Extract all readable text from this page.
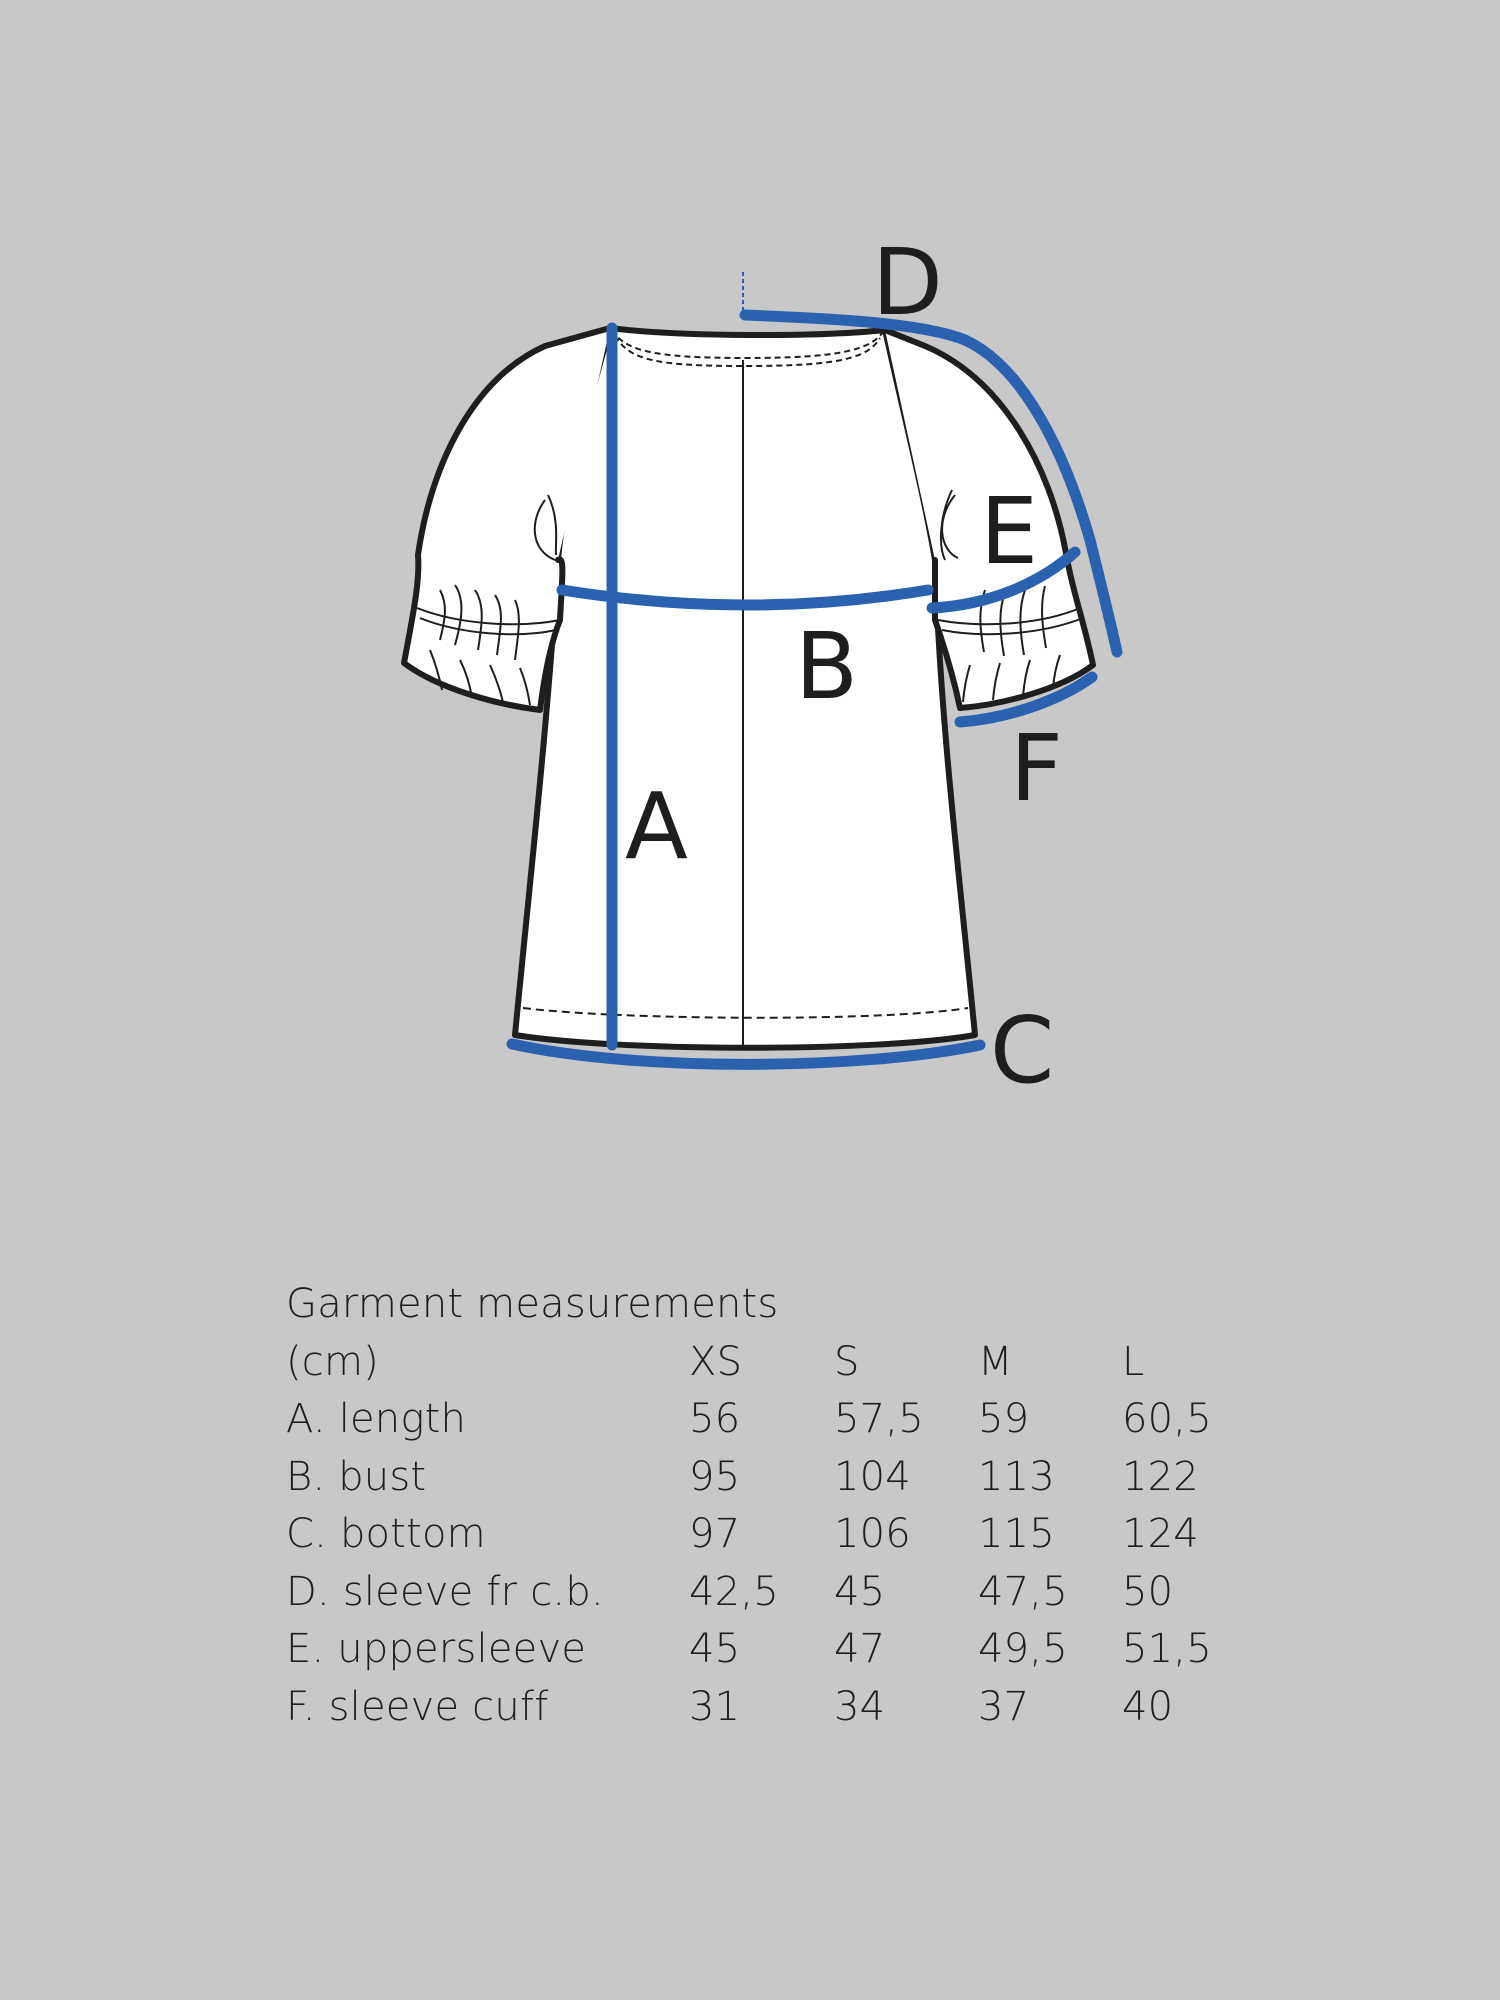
A
B
C
D
E
F
Garment measurements
(cm)	XS S	M	L
A. length	56 57,5 59 60,5
B. bust	95 104 113 122
C. bottom	97 106 115 124
D. sleeve fr c.b. 42,5 45 47,5 50
E. uppersleeve	45 47 49,5 51,5
F. sleeve cuff	31 34 37 40
